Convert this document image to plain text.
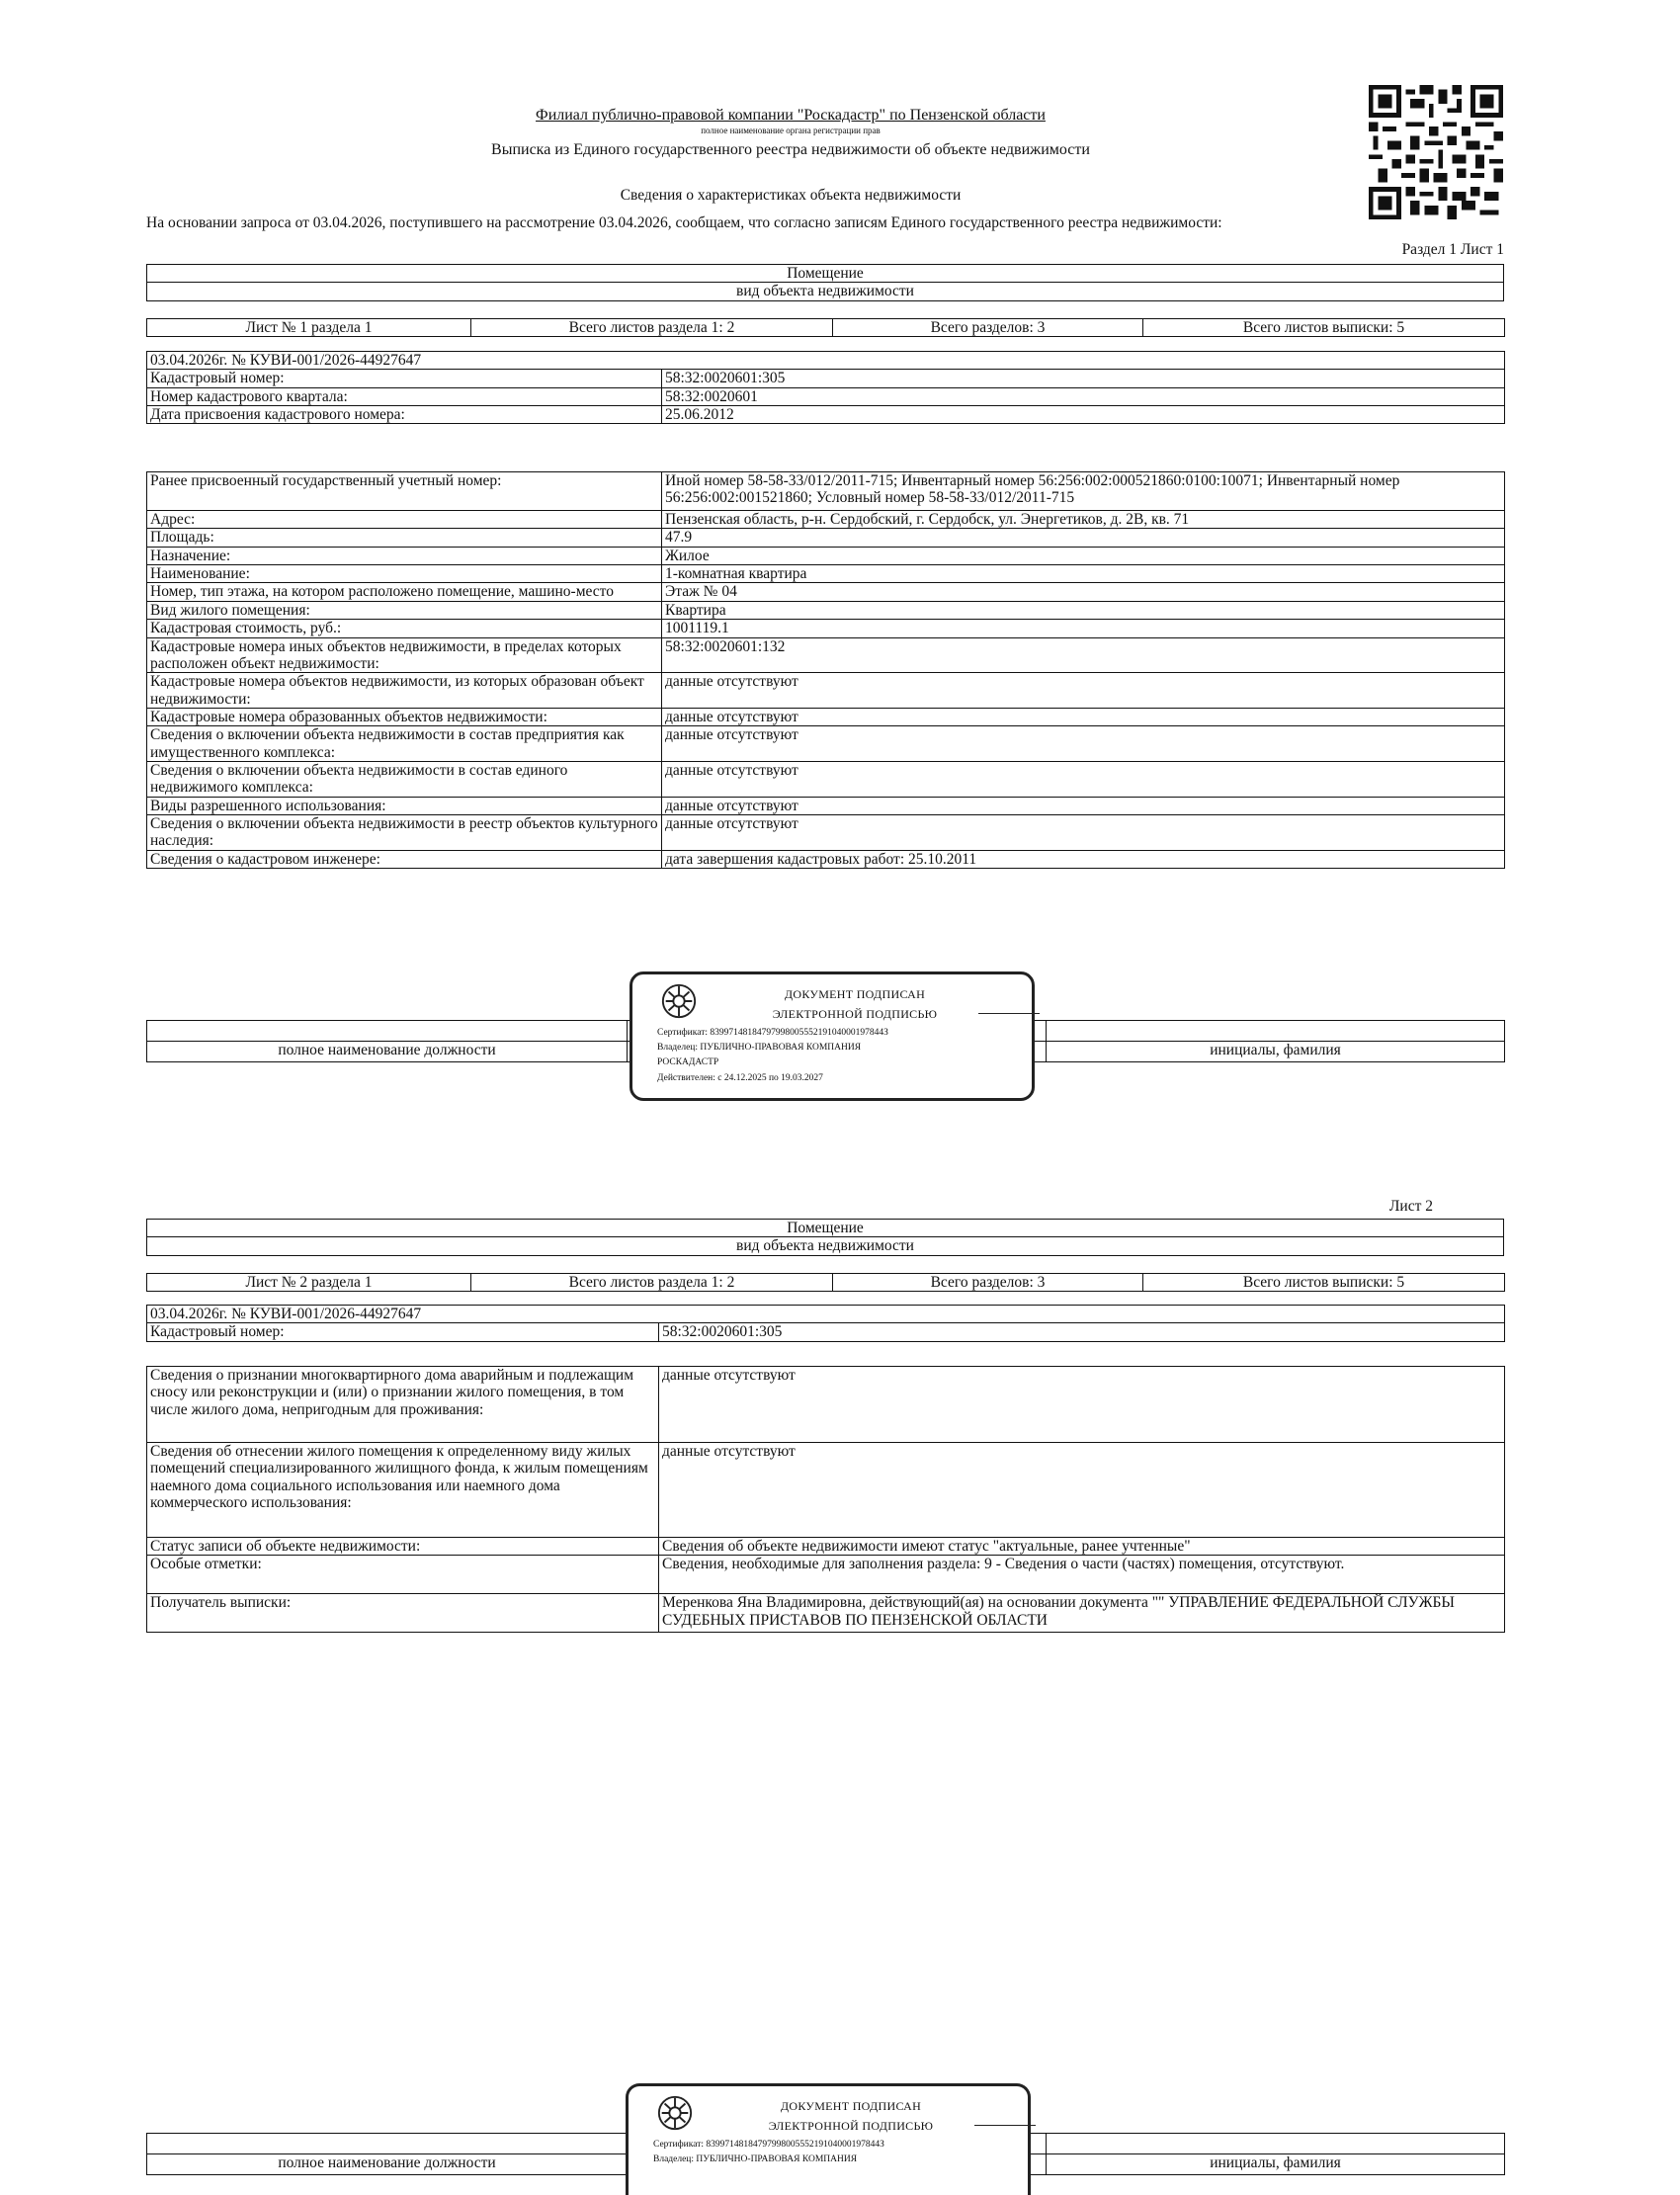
Филиал публично-правовой компании "Роскадастр" по Пензенской области
полное наименование органа регистрации прав
Выписка из Единого государственного реестра недвижимости об объекте недвижимости
Сведения о характеристиках объекта недвижимости
На основании запроса от 03.04.2026, поступившего на рассмотрение 03.04.2026, сообщаем, что согласно записям Единого государственного реестра недвижимости:
Раздел 1 Лист 1
Помещение
вид объекта недвижимости
Лист № 1 раздела 1	Всего листов раздела 1: 2	Всего разделов: 3	Всего листов выписки: 5
03.04.2026г. № КУВИ-001/2026-44927647	
Кадастровый номер:	58:32:0020601:305
Номер кадастрового квартала:	58:32:0020601
Дата присвоения кадастрового номера:	25.06.2012
Ранее присвоенный государственный учетный номер:	Иной номер 58-58-33/012/2011-715; Инвентарный номер 56:256:002:000521860:0100:10071; Инвентарный номер 56:256:002:001521860; Условный номер 58-58-33/012/2011-715
Адрес:	Пензенская область, р-н. Сердобский, г. Сердобск, ул. Энергетиков, д. 2В, кв. 71
Площадь:	47.9
Назначение:	Жилое
Наименование:	1-комнатная квартира
Номер, тип этажа, на котором расположено помещение, машино-место	Этаж № 04
Вид жилого помещения:	Квартира
Кадастровая стоимость, руб.:	1001119.1
Кадастровые номера иных объектов недвижимости, в пределах которых расположен объект недвижимости:	58:32:0020601:132
Кадастровые номера объектов недвижимости, из которых образован объект недвижимости:	данные отсутствуют
Кадастровые номера образованных объектов недвижимости:	данные отсутствуют
Сведения о включении объекта недвижимости в состав предприятия как имущественного комплекса:	данные отсутствуют
Сведения о включении объекта недвижимости в состав единого недвижимого комплекса:	данные отсутствуют
Виды разрешенного использования:	данные отсутствуют
Сведения о включении объекта недвижимости в реестр объектов культурного наследия:	данные отсутствуют
Сведения о кадастровом инженере:	дата завершения кадастровых работ: 25.10.2011

полное наименование должности		инициалы, фамилия
ДОКУМЕНТ ПОДПИСАН
ЭЛЕКТРОННОЙ ПОДПИСЬЮ
Сертификат: 8399714818479799800555219104000197844З
Владелец: ПУБЛИЧНО-ПРАВОВАЯ КОМПАНИЯ
РОСКАДАСТР
Действителен: с 24.12.2025 по 19.03.2027
Лист 2
Помещение
вид объекта недвижимости
Лист № 2 раздела 1	Всего листов раздела 1: 2	Всего разделов: 3	Всего листов выписки: 5
03.04.2026г. № КУВИ-001/2026-44927647
Кадастровый номер:	58:32:0020601:305
Сведения о признании многоквартирного дома аварийным и подлежащим сносу или реконструкции и (или) о признании жилого помещения, в том числе жилого дома, непригодным для проживания:	данные отсутствуют
Сведения об отнесении жилого помещения к определенному виду жилых помещений специализированного жилищного фонда, к жилым помещениям наемного дома социального использования или наемного дома коммерческого использования:	данные отсутствуют
Статус записи об объекте недвижимости:	Сведения об объекте недвижимости имеют статус "актуальные, ранее учтенные"
Особые отметки:	Сведения, необходимые для заполнения раздела: 9 - Сведения о части (частях) помещения, отсутствуют.
Получатель выписки:	Меренкова Яна Владимировна, действующий(ая) на основании документа "" УПРАВЛЕНИЕ ФЕДЕРАЛЬНОЙ СЛУЖБЫ СУДЕБНЫХ ПРИСТАВОВ ПО ПЕНЗЕНСКОЙ ОБЛАСТИ

полное наименование должности		инициалы, фамилия
ДОКУМЕНТ ПОДПИСАН
ЭЛЕКТРОННОЙ ПОДПИСЬЮ
Сертификат: 8399714818479799800555219104000197844З
Владелец: ПУБЛИЧНО-ПРАВОВАЯ КОМПАНИЯ
